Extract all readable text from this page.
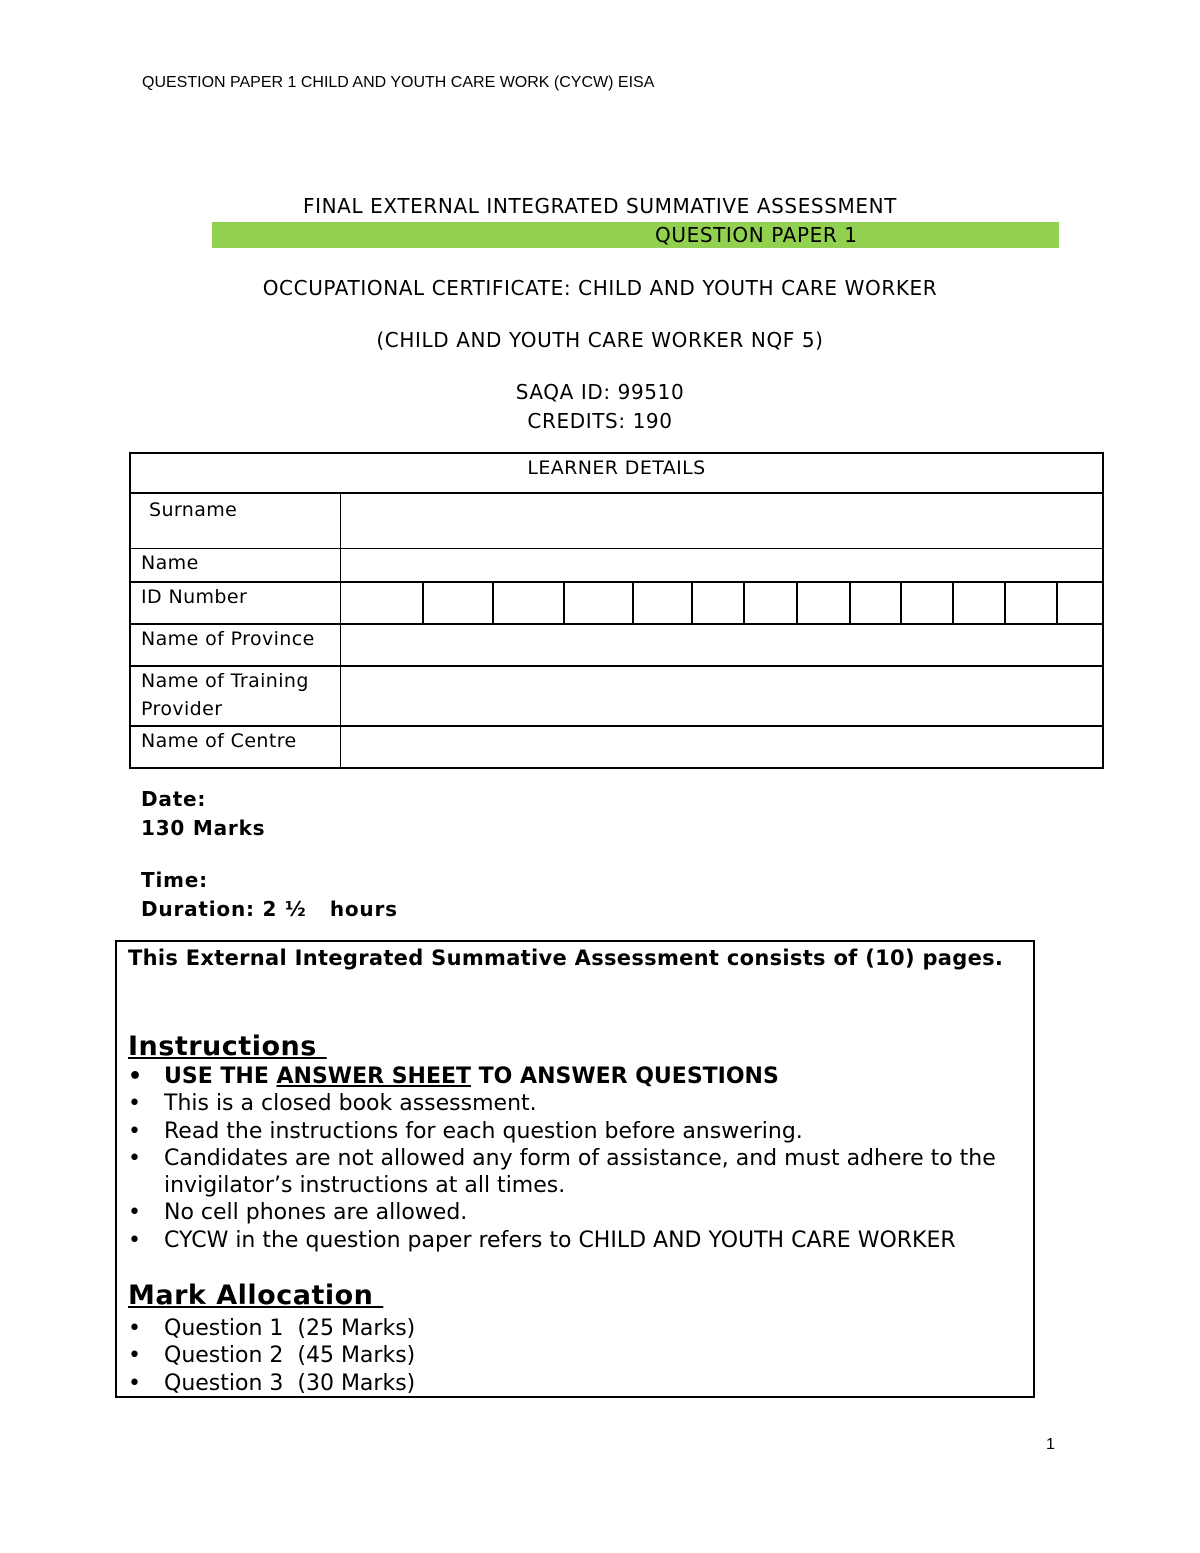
QUESTION PAPER 1 CHILD AND YOUTH CARE WORK (CYCW) EISA
FINAL EXTERNAL INTEGRATED SUMMATIVE ASSESSMENT
QUESTION PAPER 1
OCCUPATIONAL CERTIFICATE: CHILD AND YOUTH CARE WORKER
(CHILD AND YOUTH CARE WORKER NQF 5)
SAQA ID: 99510
CREDITS: 190
LEARNER DETAILS	
Surname	
Name	
ID Number	

Name of Province	
Name of Training Provider	
Name of Centre	
Date:
130 Marks
Time:
Duration: 2 ½   hours
This External Integrated Summative Assessment consists of (10) pages.
Instructions
• USE THE ANSWER SHEET TO ANSWER QUESTIONS
• This is a closed book assessment.
• Read the instructions for each question before answering.
• Candidates are not allowed any form of assistance, and must adhere to the invigilator’s instructions at all times.
• No cell phones are allowed.
• CYCW in the question paper refers to CHILD AND YOUTH CARE WORKER
Mark Allocation
• Question 1  (25 Marks)
• Question 2  (45 Marks)
• Question 3  (30 Marks)
1
